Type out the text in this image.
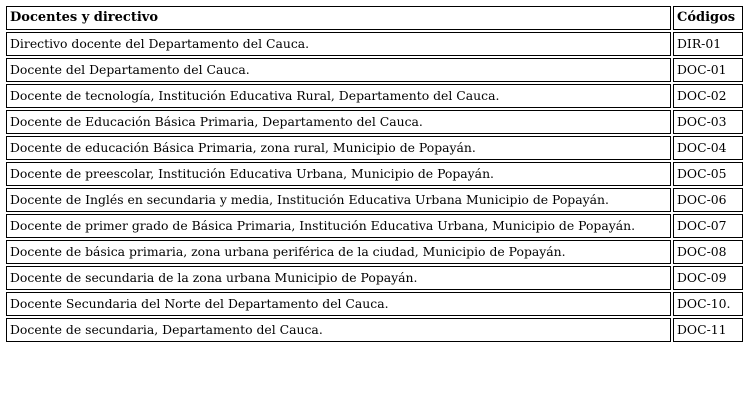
Docentes y directivo	Códigos
Directivo docente del Departamento del Cauca.	DIR-01
Docente del Departamento del Cauca.	DOC-01
Docente de tecnología, Institución Educativa Rural, Departamento del Cauca.	DOC-02
Docente de Educación Básica Primaria, Departamento del Cauca.	DOC-03
Docente de educación Básica Primaria, zona rural, Municipio de Popayán.	DOC-04
Docente de preescolar, Institución Educativa Urbana, Municipio de Popayán.	DOC-05
Docente de Inglés en secundaria y media, Institución Educativa Urbana Municipio de Popayán.	DOC-06
Docente de primer grado de Básica Primaria, Institución Educativa Urbana, Municipio de Popayán.	DOC-07
Docente de básica primaria, zona urbana periférica de la ciudad, Municipio de Popayán.	DOC-08
Docente de secundaria de la zona urbana Municipio de Popayán.	DOC-09
Docente Secundaria del Norte del Departamento del Cauca.	DOC-10.
Docente de secundaria, Departamento del Cauca.	DOC-11
